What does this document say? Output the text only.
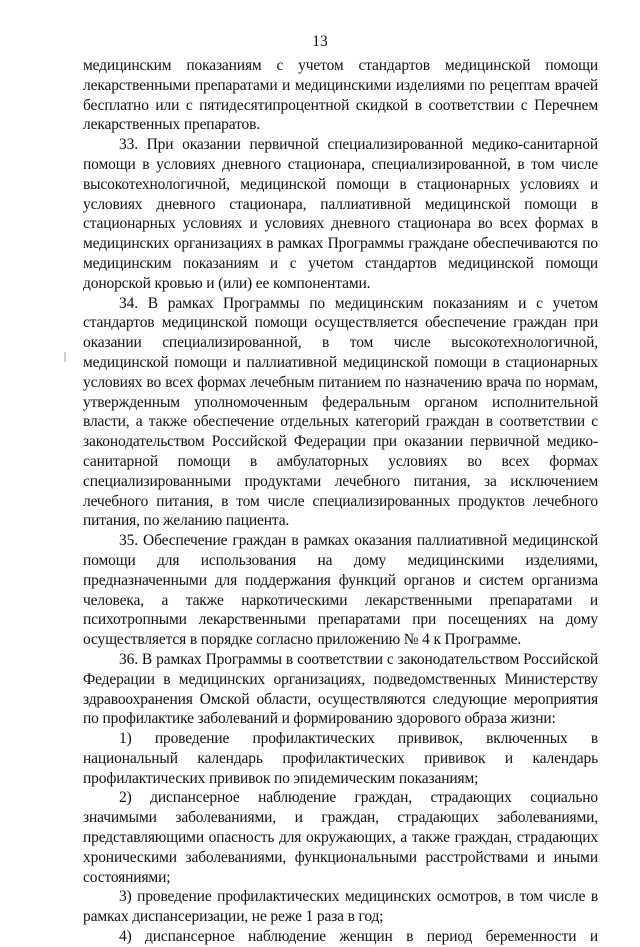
13

медицинским показаниям с учетом стандартов медицинской помощи лекарственными препаратами и медицинскими изделиями по рецептам врачей бесплатно или с пятидесятипроцентной скидкой в соответствии с Перечнем лекарственных препаратов.

33. При оказании первичной специализированной медико-санитарной помощи в условиях дневного стационара, специализированной, в том числе высокотехнологичной, медицинской помощи в стационарных условиях и условиях дневного стационара, паллиативной медицинской помощи в стационарных условиях и условиях дневного стационара во всех формах в медицинских организациях в рамках Программы граждане обеспечиваются по медицинским показаниям и с учетом стандартов медицинской помощи донорской кровью и (или) ее компонентами.

34. В рамках Программы по медицинским показаниям и с учетом стандартов медицинской помощи осуществляется обеспечение граждан при оказании специализированной, в том числе высокотехнологичной, медицинской помощи и паллиативной медицинской помощи в стационарных условиях во всех формах лечебным питанием по назначению врача по нормам, утвержденным уполномоченным федеральным органом исполнительной власти, а также обеспечение отдельных категорий граждан в соответствии с законодательством Российской Федерации при оказании первичной медико-санитарной помощи в амбулаторных условиях во всех формах специализированными продуктами лечебного питания, за исключением лечебного питания, в том числе специализированных продуктов лечебного питания, по желанию пациента.

35. Обеспечение граждан в рамках оказания паллиативной медицинской помощи для использования на дому медицинскими изделиями, предназначенными для поддержания функций органов и систем организма человека, а также наркотическими лекарственными препаратами и психотропными лекарственными препаратами при посещениях на дому осуществляется в порядке согласно приложению № 4 к Программе.

36. В рамках Программы в соответствии с законодательством Российской Федерации в медицинских организациях, подведомственных Министерству здравоохранения Омской области, осуществляются следующие мероприятия по профилактике заболеваний и формированию здорового образа жизни:

1) проведение профилактических прививок, включенных в национальный календарь профилактических прививок и календарь профилактических прививок по эпидемическим показаниям;

2) диспансерное наблюдение граждан, страдающих социально значимыми заболеваниями, и граждан, страдающих заболеваниями, представляющими опасность для окружающих, а также граждан, страдающих хроническими заболеваниями, функциональными расстройствами и иными состояниями;

3) проведение профилактических медицинских осмотров, в том числе в рамках диспансеризации, не реже 1 раза в год;

4) диспансерное наблюдение женщин в период беременности и
